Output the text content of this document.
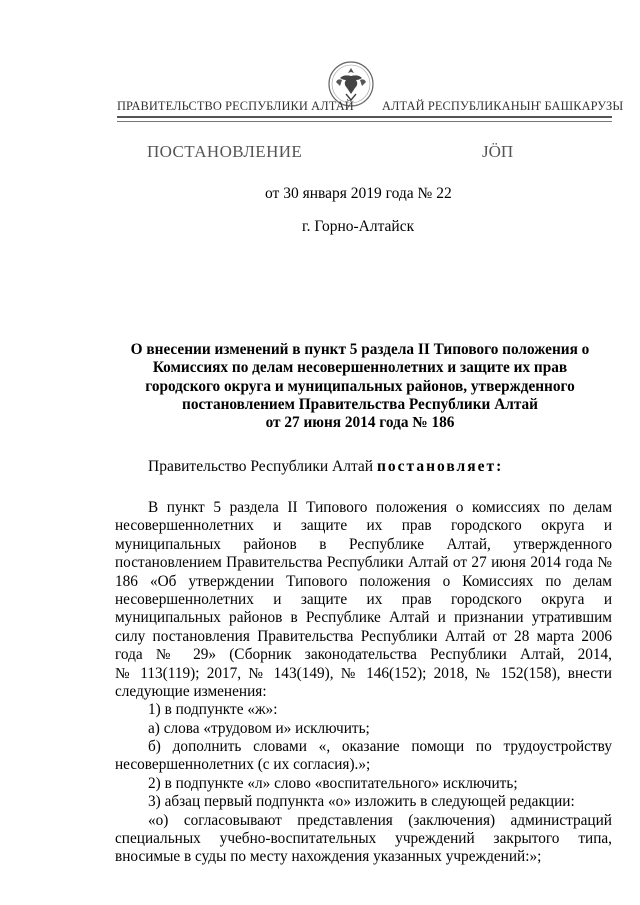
ПРАВИТЕЛЬСТВО РЕСПУБЛИКИ АЛТАЙ АЛТАЙ РЕСПУБЛИКАНЫҤ БАШКАРУЗЫ
ПОСТАНОВЛЕНИЕ	JÖП
от 30 января 2019 года № 22
г. Горно-Алтайск
О внесении изменений в пункт 5 раздела II Типового положения о
Комиссиях по делам несовершеннолетних и защите их прав
городского округа и муниципальных районов, утвержденного
постановлением Правительства Республики Алтай
от 27 июня 2014 года № 186
Правительство Республики Алтай постановляет:
В пункт 5 раздела II Типового положения о комиссиях по делам
несовершеннолетних и защите их прав городского округа и
муниципальных районов в Республике Алтай, утвержденного
постановлением Правительства Республики Алтай от 27 июня 2014 года №
186 «Об утверждении Типового положения о Комиссиях по делам
несовершеннолетних и защите их прав городского округа и
муниципальных районов в Республике Алтай и признании утратившим
силу постановления Правительства Республики Алтай от 28 марта 2006
года № 29» (Сборник законодательства Республики Алтай, 2014,
№ 113(119); 2017, № 143(149), № 146(152); 2018, № 152(158), внести
следующие изменения:
1) в подпункте «ж»:
а) слова «трудовом и» исключить;
б) дополнить словами «, оказание помощи по трудоустройству
несовершеннолетних (с их согласия).»;
2) в подпункте «л» слово «воспитательного» исключить;
3) абзац первый подпункта «о» изложить в следующей редакции:
«о) согласовывают представления (заключения) администраций
специальных учебно-воспитательных учреждений закрытого типа,
вносимые в суды по месту нахождения указанных учреждений:»;
